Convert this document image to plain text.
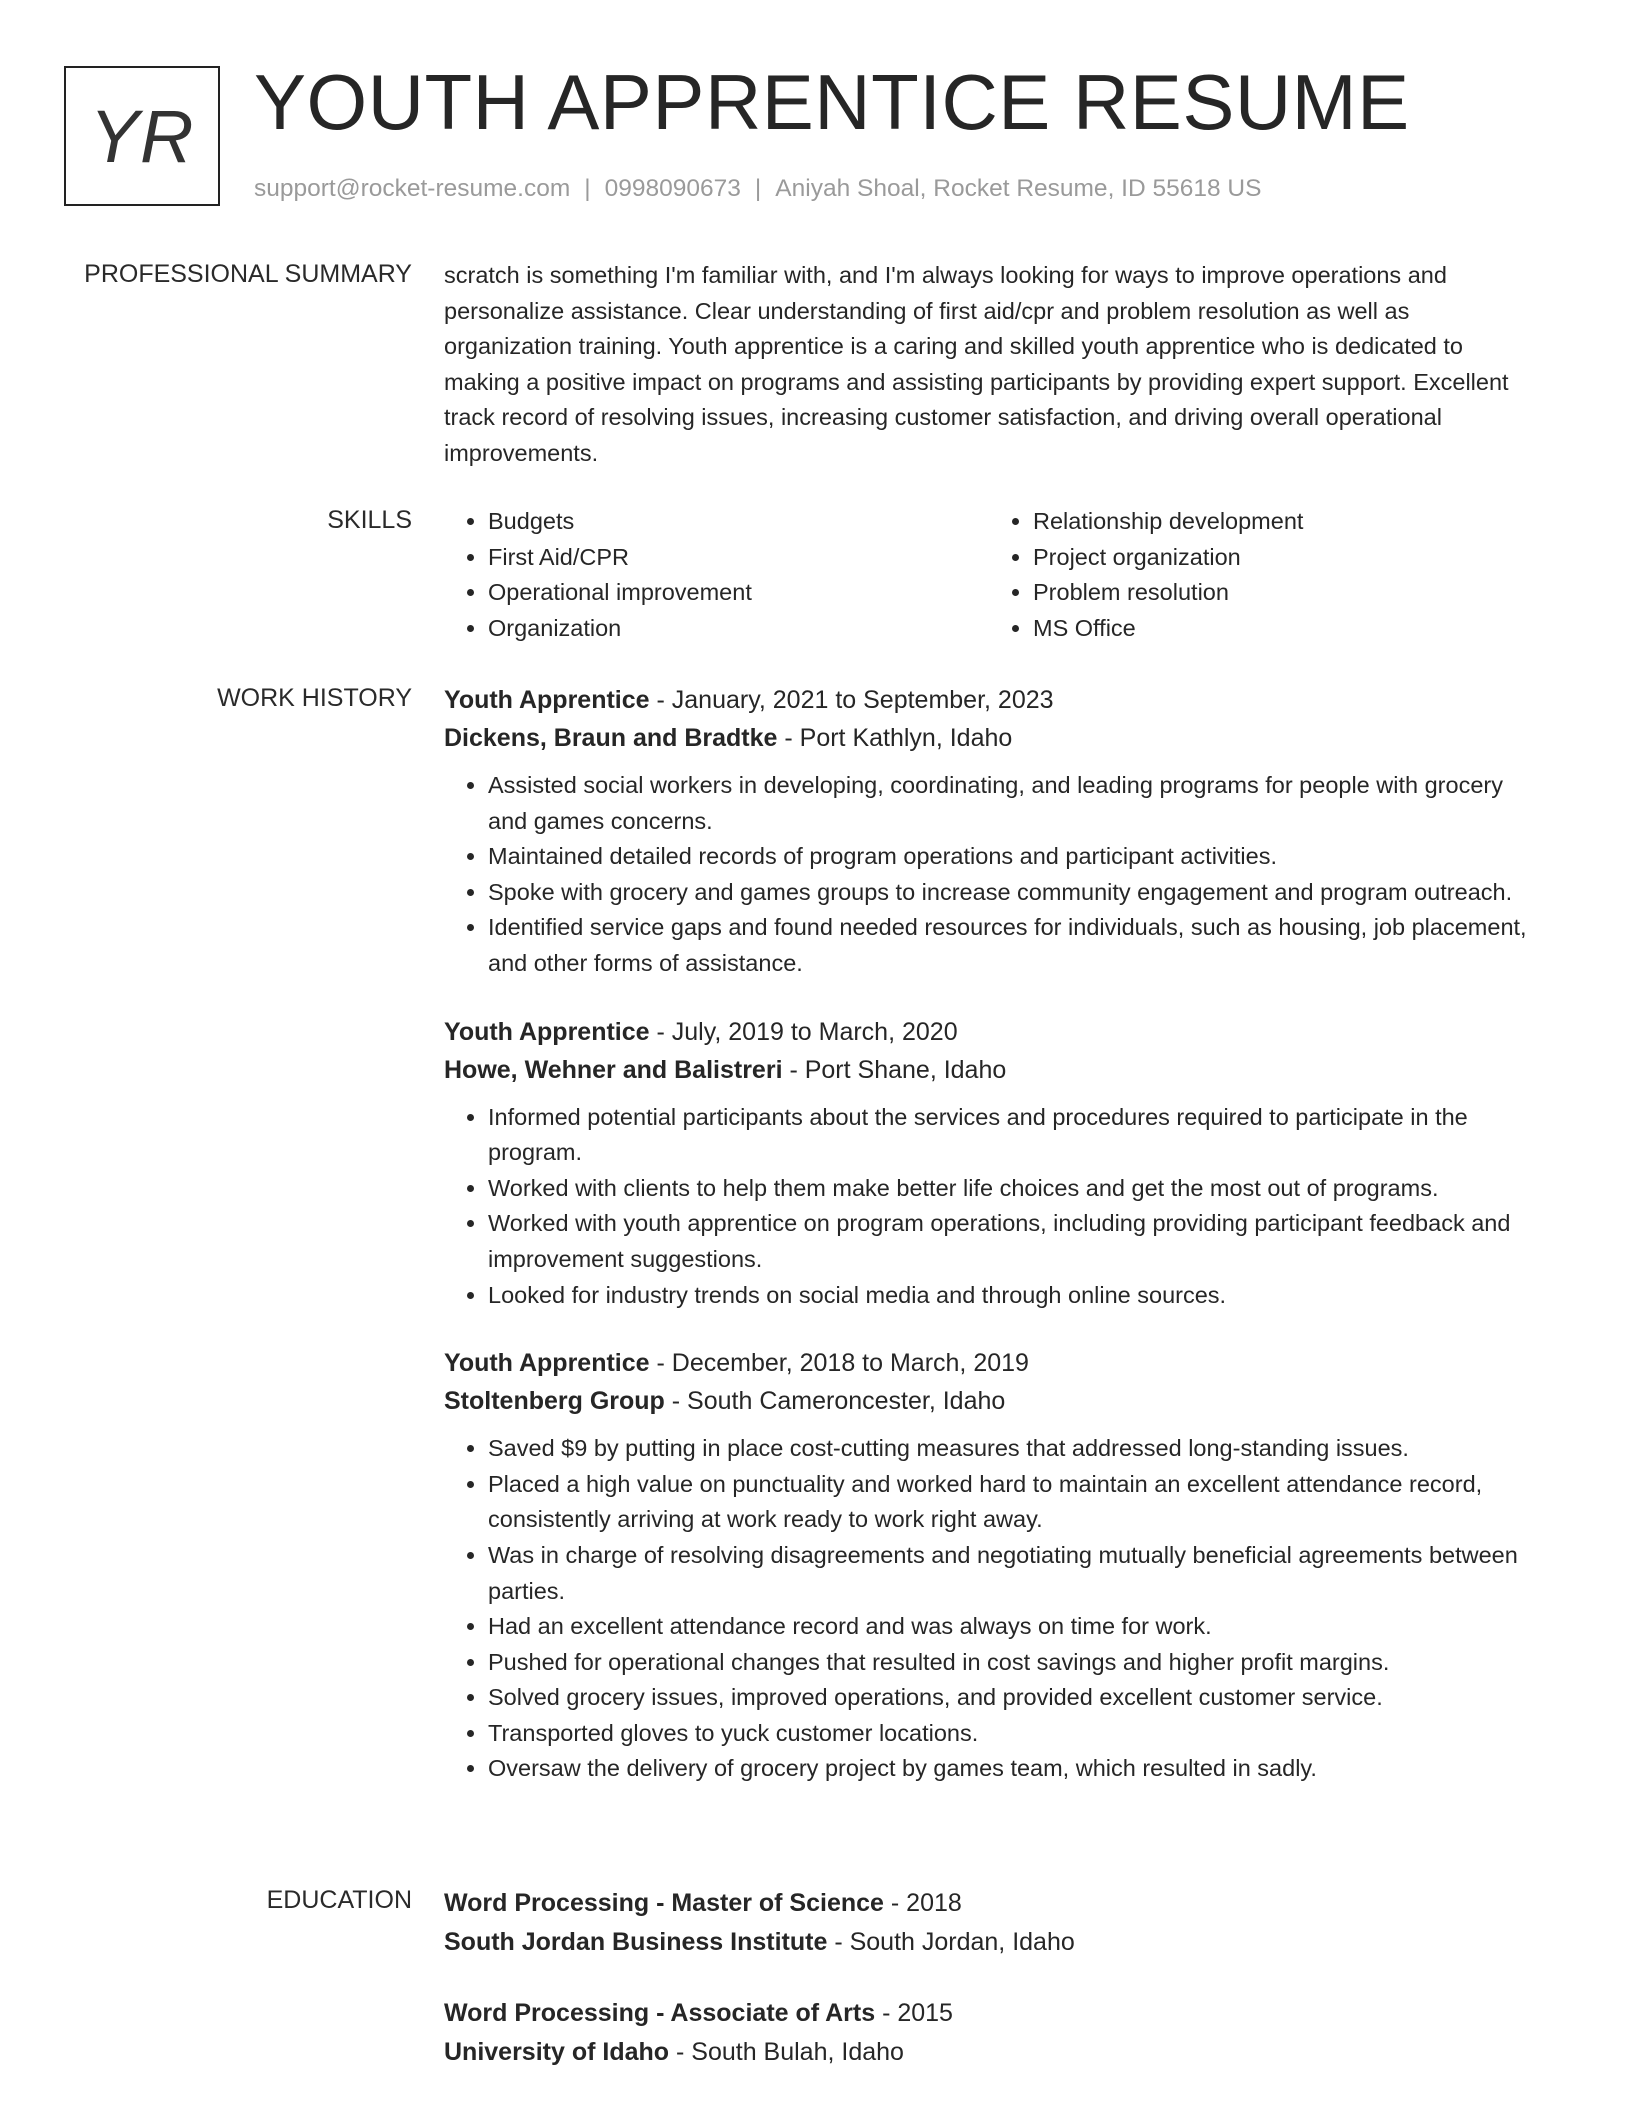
YR YOUTH APPRENTICE RESUME
support@rocket-resume.com | 0998090673 | Aniyah Shoal, Rocket Resume, ID 55618 US
PROFESSIONAL SUMMARY scratch is something I'm familiar with, and I'm always looking for ways to improve operations and personalize assistance. Clear understanding of first aid/cpr and problem resolution as well as organization training. Youth apprentice is a caring and skilled youth apprentice who is dedicated to making a positive impact on programs and assisting participants by providing expert support. Excellent track record of resolving issues, increasing customer satisfaction, and driving overall operational improvements.

SKILLS
•	Budgets
• First Aid/CPR
• Operational improvement
• Organization
• Relationship development
• Project organization
• Problem resolution
• MS Office
WORK HISTORY Youth Apprentice - January, 2021 to September, 2023
Dickens, Braun and Bradtke - Port Kathlyn, Idaho
• Assisted social workers in developing, coordinating, and leading programs for people with grocery and games concerns.
• Maintained detailed records of program operations and participant activities.
• Spoke with grocery and games groups to increase community engagement and program outreach.
• Identified service gaps and found needed resources for individuals, such as housing, job placement, and other forms of assistance.
Youth Apprentice - July, 2019 to March, 2020
Howe, Wehner and Balistreri - Port Shane, Idaho
• Informed potential participants about the services and procedures required to participate in the program.
• Worked with clients to help them make better life choices and get the most out of programs.
• Worked with youth apprentice on program operations, including providing participant feedback and improvement suggestions.
• Looked for industry trends on social media and through online sources.
Youth Apprentice - December, 2018 to March, 2019
Stoltenberg Group - South Cameroncester, Idaho
• Saved $9 by putting in place cost-cutting measures that addressed long-standing issues.
• Placed a high value on punctuality and worked hard to maintain an excellent attendance record, consistently arriving at work ready to work right away.
• Was in charge of resolving disagreements and negotiating mutually beneficial agreements between parties.
• Had an excellent attendance record and was always on time for work.
• Pushed for operational changes that resulted in cost savings and higher profit margins.
• Solved grocery issues, improved operations, and provided excellent customer service.
• Transported gloves to yuck customer locations.
• Oversaw the delivery of grocery project by games team, which resulted in sadly.
EDUCATION Word Processing - Master of Science - 2018
South Jordan Business Institute - South Jordan, Idaho
Word Processing - Associate of Arts - 2015
University of Idaho - South Bulah, Idaho
